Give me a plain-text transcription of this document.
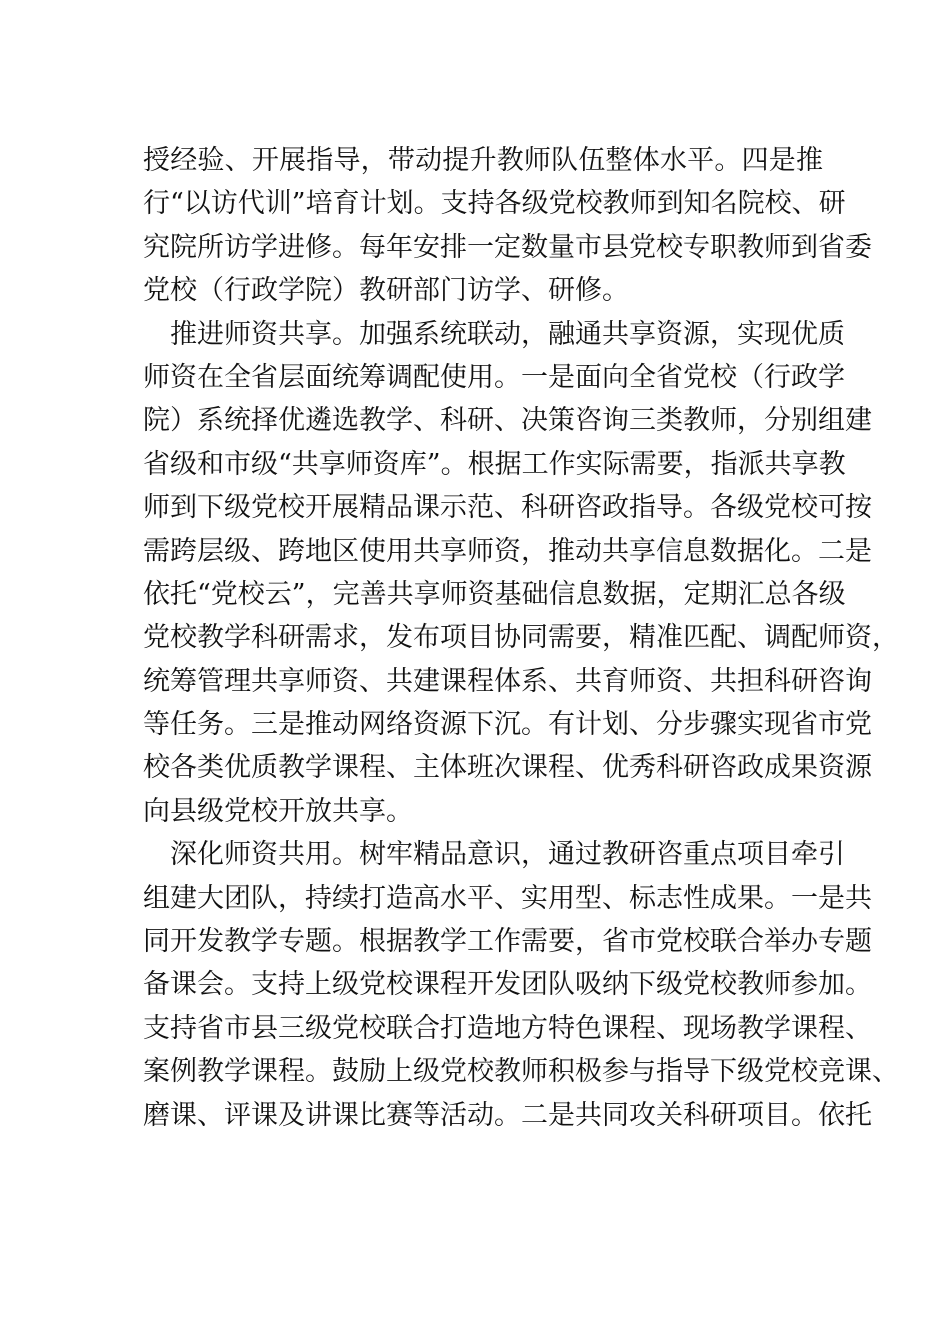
授经验、开展指导，带动提升教师队伍整体水平。四是推
行“以访代训”培育计划。支持各级党校教师到知名院校、研
究院所访学进修。每年安排一定数量市县党校专职教师到省委
党校（行政学院）教研部门访学、研修。
推进师资共享。加强系统联动，融通共享资源，实现优质
师资在全省层面统筹调配使用。一是面向全省党校（行政学
院）系统择优遴选教学、科研、决策咨询三类教师，分别组建
省级和市级“共享师资库”。根据工作实际需要，指派共享教
师到下级党校开展精品课示范、科研咨政指导。各级党校可按
需跨层级、跨地区使用共享师资，推动共享信息数据化。二是
依托“党校云”，完善共享师资基础信息数据，定期汇总各级
党校教学科研需求，发布项目协同需要，精准匹配、调配师资，
统筹管理共享师资、共建课程体系、共育师资、共担科研咨询
等任务。三是推动网络资源下沉。有计划、分步骤实现省市党
校各类优质教学课程、主体班次课程、优秀科研咨政成果资源
向县级党校开放共享。
深化师资共用。树牢精品意识，通过教研咨重点项目牵引
组建大团队，持续打造高水平、实用型、标志性成果。一是共
同开发教学专题。根据教学工作需要，省市党校联合举办专题
备课会。支持上级党校课程开发团队吸纳下级党校教师参加。
支持省市县三级党校联合打造地方特色课程、现场教学课程、
案例教学课程。鼓励上级党校教师积极参与指导下级党校竞课、
磨课、评课及讲课比赛等活动。二是共同攻关科研项目。依托
